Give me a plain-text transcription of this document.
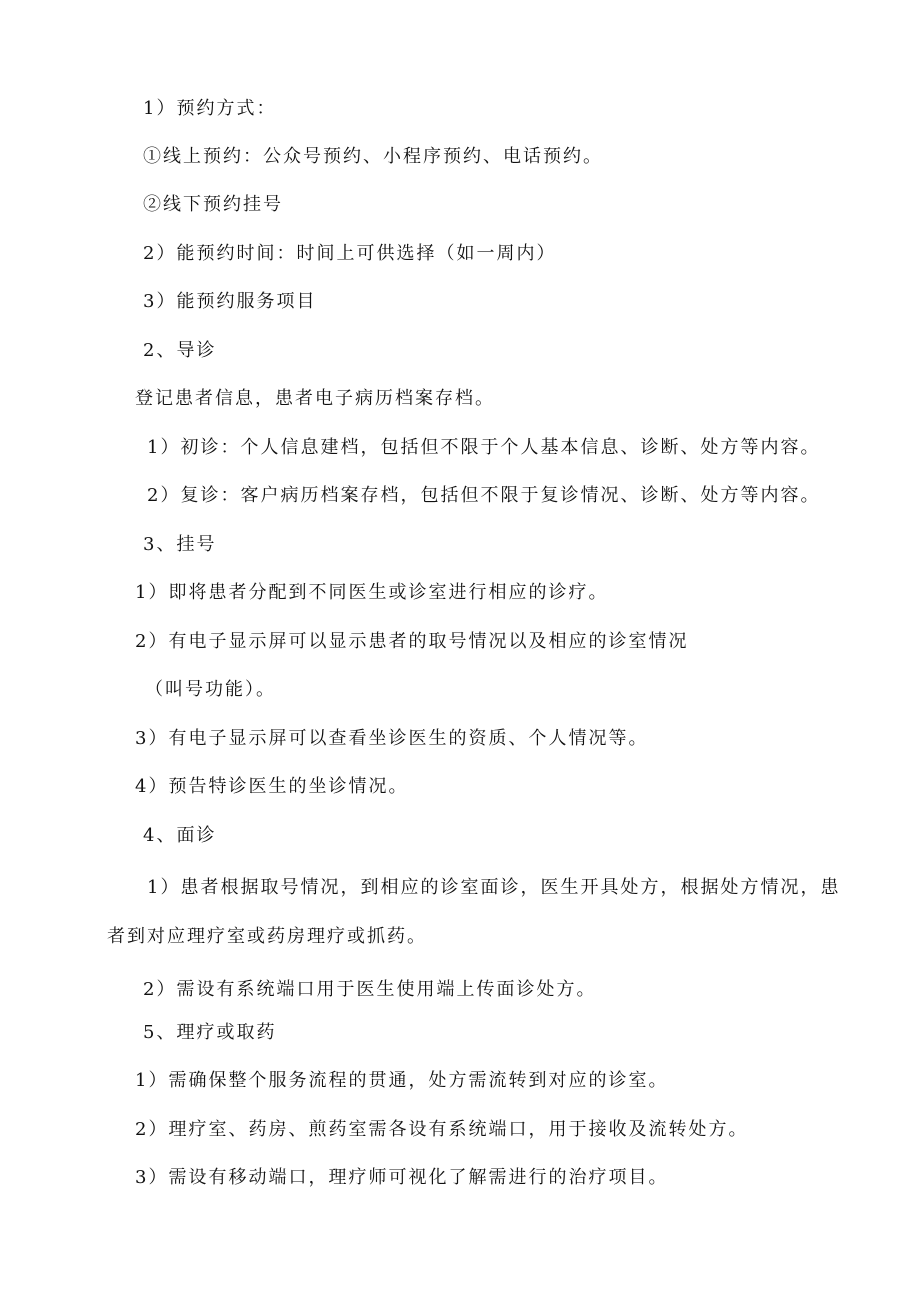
1）预约方式：
①线上预约：公众号预约、小程序预约、电话预约。
②线下预约挂号
2）能预约时间：时间上可供选择（如一周内）
3）能预约服务项目
2、导诊
登记患者信息，患者电子病历档案存档。
1）初诊：个人信息建档，包括但不限于个人基本信息、诊断、处方等内容。
2）复诊：客户病历档案存档，包括但不限于复诊情况、诊断、处方等内容。
3、挂号
1）即将患者分配到不同医生或诊室进行相应的诊疗。
2）有电子显示屏可以显示患者的取号情况以及相应的诊室情况
（叫号功能）。
3）有电子显示屏可以查看坐诊医生的资质、个人情况等。
4）预告特诊医生的坐诊情况。
4、面诊
1）患者根据取号情况，到相应的诊室面诊，医生开具处方，根据处方情况，患
者到对应理疗室或药房理疗或抓药。
2）需设有系统端口用于医生使用端上传面诊处方。
5、理疗或取药
1）需确保整个服务流程的贯通，处方需流转到对应的诊室。
2）理疗室、药房、煎药室需各设有系统端口，用于接收及流转处方。
3）需设有移动端口，理疗师可视化了解需进行的治疗项目。
